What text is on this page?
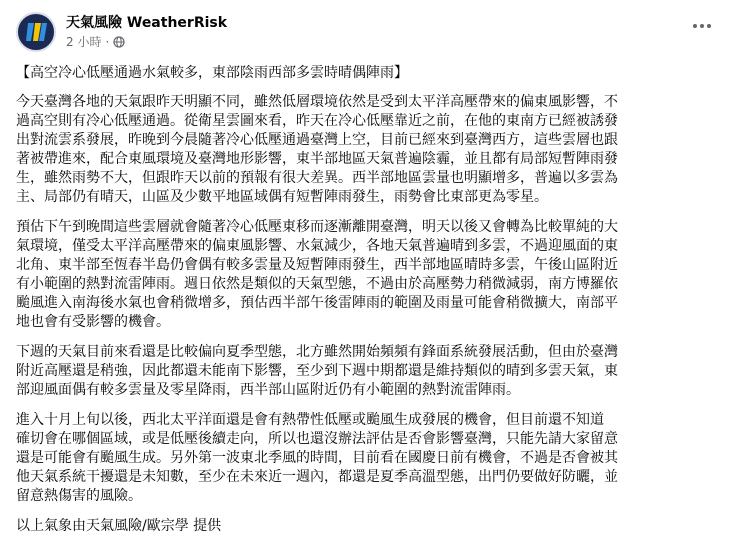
天氣風險 WeatherRisk
2 小時 ·

【高空冷心低壓通過水氣較多，東部陰雨西部多雲時晴偶陣雨】

今天臺灣各地的天氣跟昨天明顯不同，雖然低層環境依然是受到太平洋高壓帶來的偏東風影響，不
過高空則有冷心低壓通過。從衛星雲圖來看，昨天在冷心低壓靠近之前，在他的東南方已經被誘發
出對流雲系發展，昨晚到今晨隨著冷心低壓通過臺灣上空，目前已經來到臺灣西方，這些雲層也跟
著被帶進來，配合東風環境及臺灣地形影響，東半部地區天氣普遍陰霾，並且都有局部短暫陣雨發
生，雖然雨勢不大，但跟昨天以前的預報有很大差異。西半部地區雲量也明顯增多，普遍以多雲為
主、局部仍有晴天，山區及少數平地區域偶有短暫陣雨發生，雨勢會比東部更為零星。

預估下午到晚間這些雲層就會隨著冷心低壓東移而逐漸離開臺灣，明天以後又會轉為比較單純的大
氣環境，僅受太平洋高壓帶來的偏東風影響、水氣減少，各地天氣普遍晴到多雲，不過迎風面的東
北角、東半部至恆春半島仍會偶有較多雲量及短暫陣雨發生，西半部地區晴時多雲，午後山區附近
有小範圍的熱對流雷陣雨。週日依然是類似的天氣型態，不過由於高壓勢力稍微減弱，南方博羅依
颱風進入南海後水氣也會稍微增多，預估西半部午後雷陣雨的範圍及雨量可能會稍微擴大，南部平
地也會有受影響的機會。

下週的天氣目前來看還是比較偏向夏季型態，北方雖然開始頻頻有鋒面系統發展活動，但由於臺灣
附近高壓還是稍強，因此都還未能南下影響，至少到下週中期都還是維持類似的晴到多雲天氣，東
部迎風面偶有較多雲量及零星降雨，西半部山區附近仍有小範圍的熱對流雷陣雨。

進入十月上旬以後，西北太平洋面還是會有熱帶性低壓或颱風生成發展的機會，但目前還不知道
確切會在哪個區域，或是低壓後續走向，所以也還沒辦法評估是否會影響臺灣，只能先請大家留意
還是可能會有颱風生成。另外第一波東北季風的時間，目前看在國慶日前有機會，不過是否會被其
他天氣系統干擾還是未知數，至少在未來近一週內，都還是夏季高溫型態，出門仍要做好防曬，並
留意熱傷害的風險。

以上氣象由天氣風險/歐宗學 提供
